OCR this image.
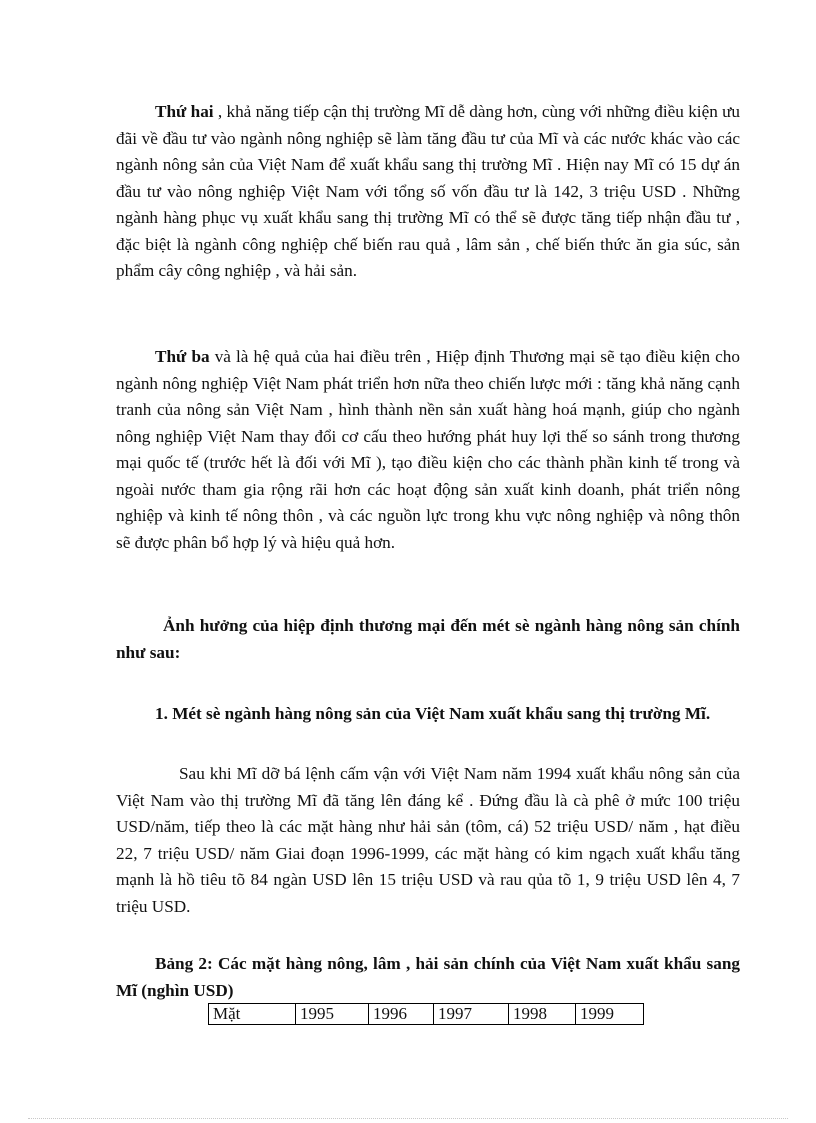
Thứ hai , khả năng tiếp cận thị trường Mĩ dễ dàng hơn, cùng với những điều kiện ưu đãi về đầu tư vào ngành nông nghiệp sẽ làm tăng đầu tư của Mĩ và các nước khác vào các ngành nông sản của Việt Nam để xuất khẩu sang thị trường Mĩ . Hiện nay Mĩ có 15 dự án đầu tư vào nông nghiệp Việt Nam với tổng số vốn đầu tư là 142, 3 triệu USD . Những ngành hàng phục vụ xuất khẩu sang thị trường Mĩ có thể sẽ được tăng tiếp nhận đầu tư , đặc biệt là ngành công nghiệp chế biến rau quả , lâm sản , chế biến thức ăn gia súc, sản phẩm cây công nghiệp , và hải sản.

Thứ ba và là hệ quả của hai điều trên , Hiệp định Thương mại sẽ tạo điều kiện cho ngành nông nghiệp Việt Nam phát triển hơn nữa theo chiến lược mới : tăng khả năng cạnh tranh của nông sản Việt Nam , hình thành nền sản xuất hàng hoá mạnh, giúp cho ngành nông nghiệp Việt Nam thay đổi cơ cấu theo hướng phát huy lợi thế so sánh trong thương mại quốc tế (trước hết là đối với Mĩ ), tạo điều kiện cho các thành phần kinh tế trong và ngoài nước tham gia rộng rãi hơn các hoạt động sản xuất kinh doanh, phát triển nông nghiệp và kinh tế nông thôn , và các nguồn lực trong khu vực nông nghiệp và nông thôn sẽ được phân bổ hợp lý và hiệu quả hơn.

Ảnh hưởng của hiệp định thương mại đến mét sè ngành hàng nông sản chính như sau:

1. Mét sè ngành hàng nông sản của Việt Nam xuất khẩu sang thị trường Mĩ.

Sau khi Mĩ dỡ bá lệnh cấm vận với Việt Nam năm 1994 xuất khẩu nông sản của Việt Nam vào thị trường Mĩ đã tăng lên đáng kể . Đứng đầu là cà phê ở mức 100 triệu USD/năm, tiếp theo là các mặt hàng như hải sản (tôm, cá) 52 triệu USD/ năm , hạt điều 22, 7 triệu USD/ năm Giai đoạn 1996-1999, các mặt hàng có kim ngạch xuất khẩu tăng mạnh là hồ tiêu tõ 84 ngàn USD lên 15 triệu USD và rau qủa tõ 1, 9 triệu USD lên 4, 7 triệu USD.

Bảng 2: Các mặt hàng nông, lâm , hải sản chính của Việt Nam xuất khẩu sang Mĩ (nghìn USD)

Mặt	1995	1996	1997	1998	1999
